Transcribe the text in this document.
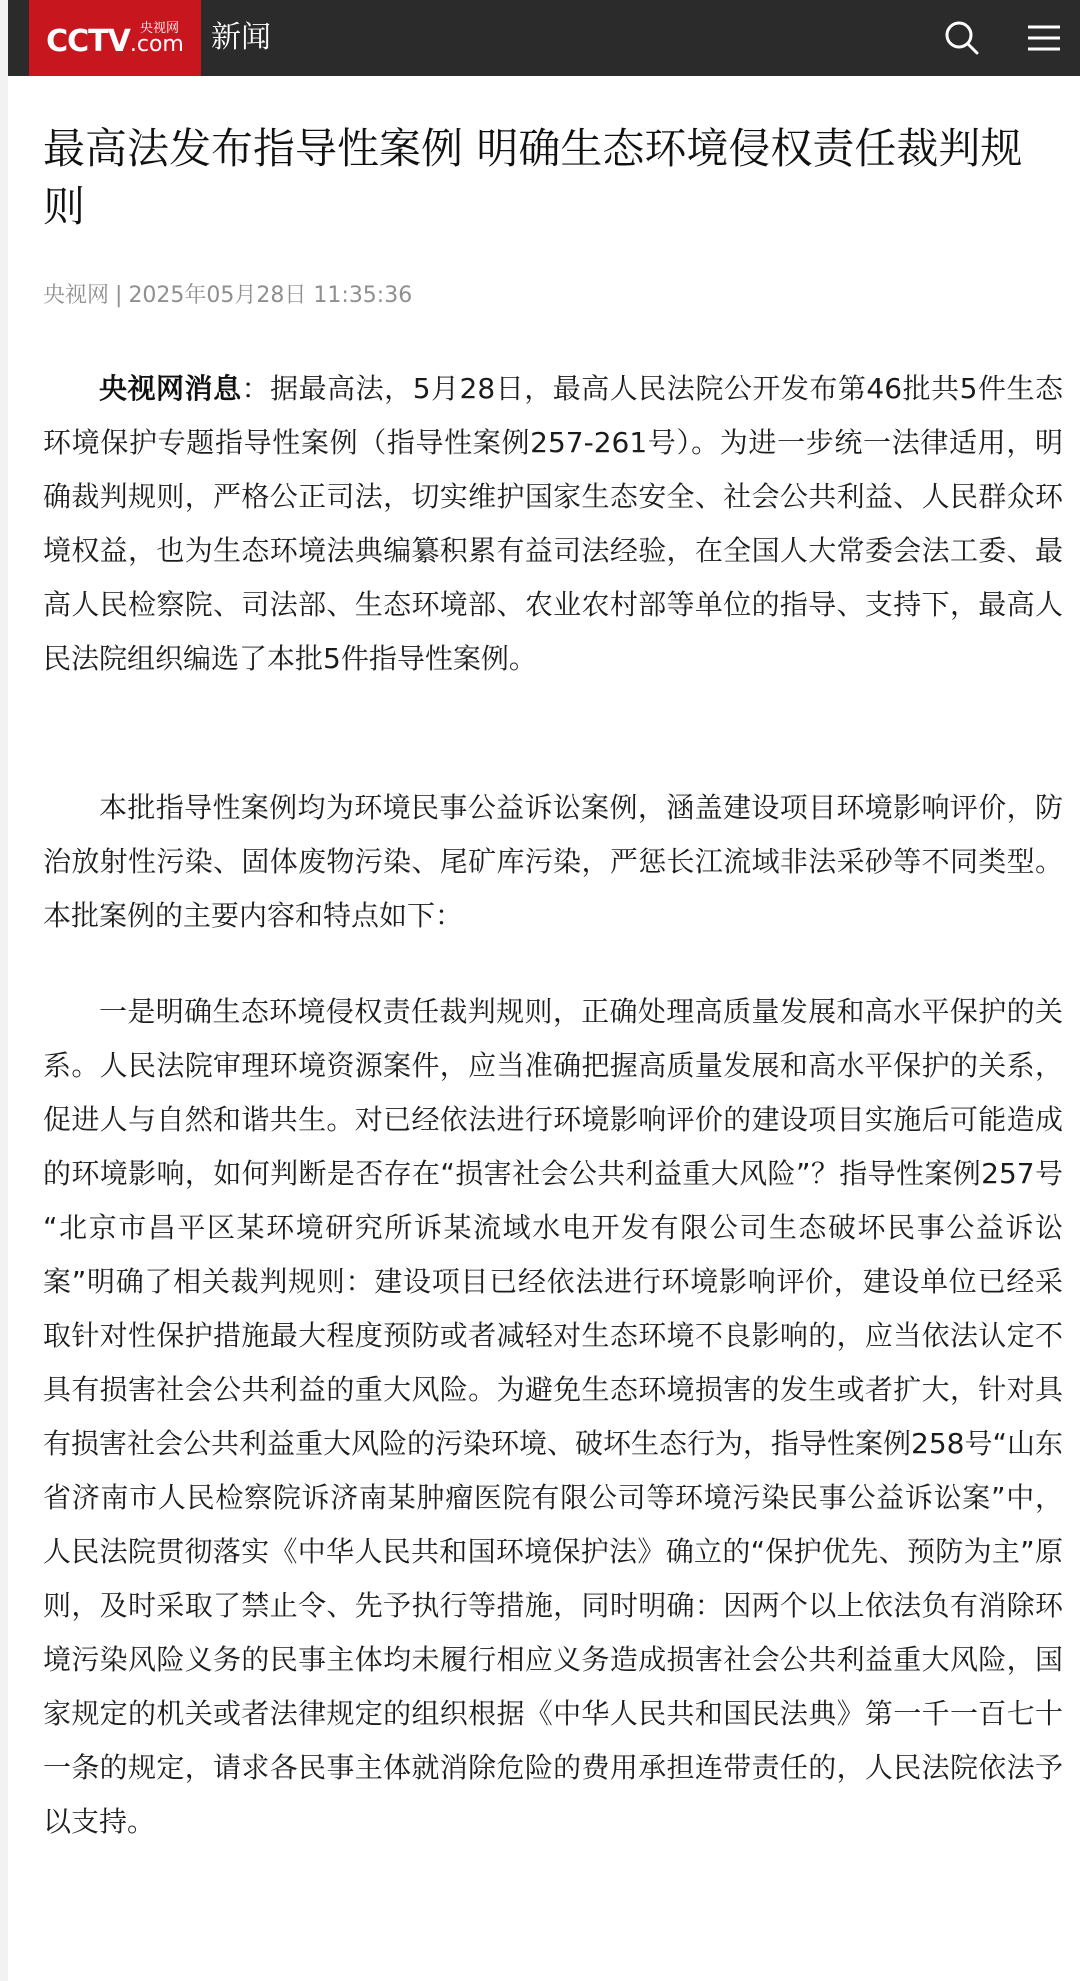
央视网
CCTV.com 新闻
最高法发布指导性案例 明确生态环境侵权责任裁判规则
央视网 | 2025年05月28日 11:35:36

央视网消息：据最高法，5月28日，最高人民法院公开发布第46批共5件生态环境保护专题指导性案例（指导性案例257-261号）。为进一步统一法律适用，明确裁判规则，严格公正司法，切实维护国家生态安全、社会公共利益、人民群众环境权益，也为生态环境法典编纂积累有益司法经验，在全国人大常委会法工委、最高人民检察院、司法部、生态环境部、农业农村部等单位的指导、支持下，最高人民法院组织编选了本批5件指导性案例。

本批指导性案例均为环境民事公益诉讼案例，涵盖建设项目环境影响评价，防治放射性污染、固体废物污染、尾矿库污染，严惩长江流域非法采砂等不同类型。本批案例的主要内容和特点如下：

一是明确生态环境侵权责任裁判规则，正确处理高质量发展和高水平保护的关系。人民法院审理环境资源案件，应当准确把握高质量发展和高水平保护的关系，促进人与自然和谐共生。对已经依法进行环境影响评价的建设项目实施后可能造成的环境影响，如何判断是否存在“损害社会公共利益重大风险”？指导性案例257号 “北京市昌平区某环境研究所诉某流域水电开发有限公司生态破坏民事公益诉讼案”明确了相关裁判规则：建设项目已经依法进行环境影响评价，建设单位已经采取针对性保护措施最大程度预防或者减轻对生态环境不良影响的，应当依法认定不具有损害社会公共利益的重大风险。为避免生态环境损害的发生或者扩大，针对具有损害社会公共利益重大风险的污染环境、破坏生态行为，指导性案例258号“山东省济南市人民检察院诉济南某肿瘤医院有限公司等环境污染民事公益诉讼案”中，人民法院贯彻落实《中华人民共和国环境保护法》确立的“保护优先、预防为主”原则，及时采取了禁止令、先予执行等措施，同时明确：因两个以上依法负有消除环境污染风险义务的民事主体均未履行相应义务造成损害社会公共利益重大风险，国家规定的机关或者法律规定的组织根据《中华人民共和国民法典》第一千一百七十一条的规定，请求各民事主体就消除危险的费用承担连带责任的，人民法院依法予以支持。
